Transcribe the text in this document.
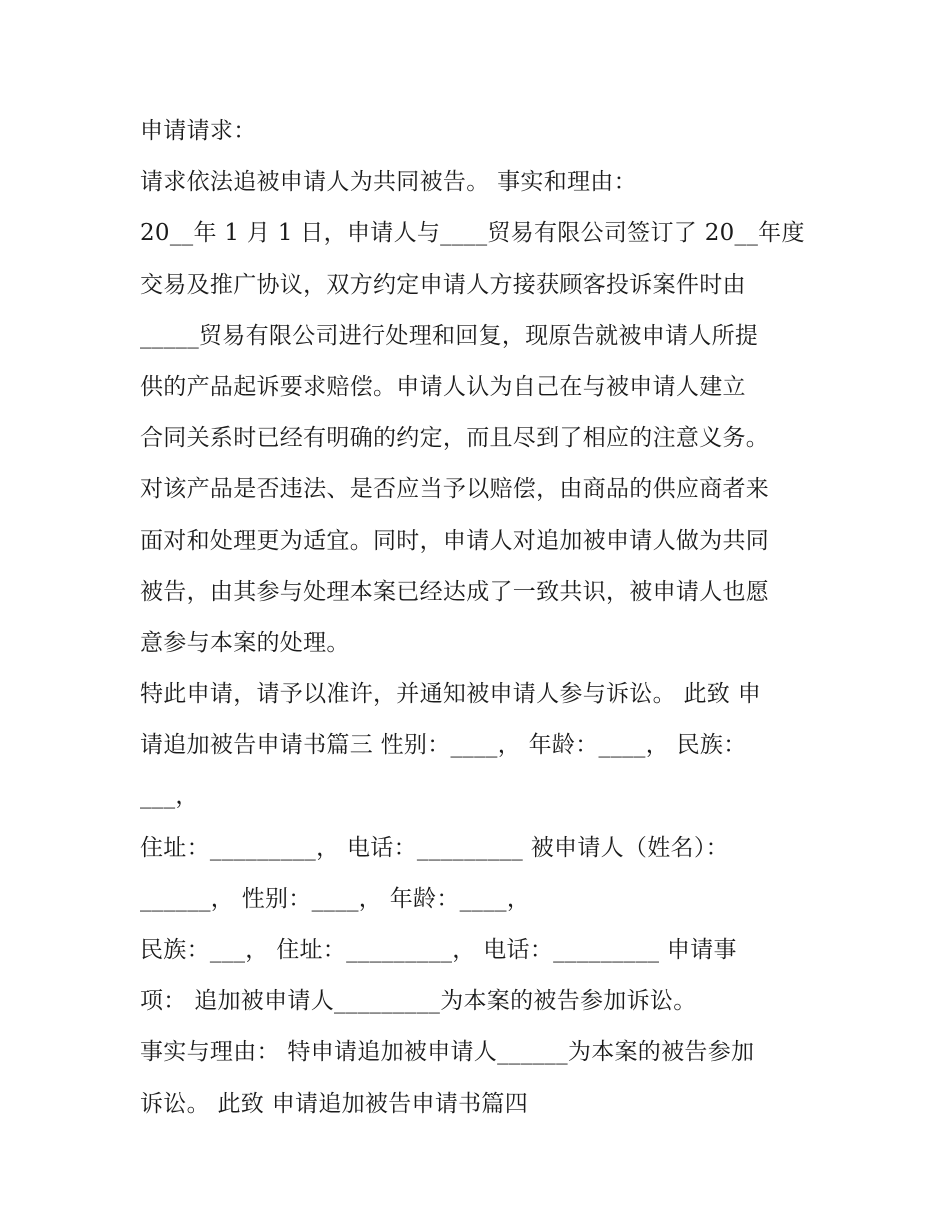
申请请求：
请求依法追被申请人为共同被告。 事实和理由：
20__年 1 月 1 日，申请人与____贸易有限公司签订了 20__年度
交易及推广协议，双方约定申请人方接获顾客投诉案件时由
_____贸易有限公司进行处理和回复，现原告就被申请人所提
供的产品起诉要求赔偿。申请人认为自己在与被申请人建立
合同关系时已经有明确的约定，而且尽到了相应的注意义务。
对该产品是否违法、是否应当予以赔偿，由商品的供应商者来
面对和处理更为适宜。同时，申请人对追加被申请人做为共同
被告，由其参与处理本案已经达成了一致共识，被申请人也愿
意参与本案的处理。
特此申请，请予以准许，并通知被申请人参与诉讼。 此致 申
请追加被告申请书篇三 性别：____， 年龄：____， 民族：
___，
住址：_________， 电话：_________ 被申请人（姓名）：
______， 性别：____， 年龄：____，
民族：___， 住址：_________， 电话：_________ 申请事
项： 追加被申请人_________为本案的被告参加诉讼。
事实与理由： 特申请追加被申请人______为本案的被告参加
诉讼。 此致 申请追加被告申请书篇四
